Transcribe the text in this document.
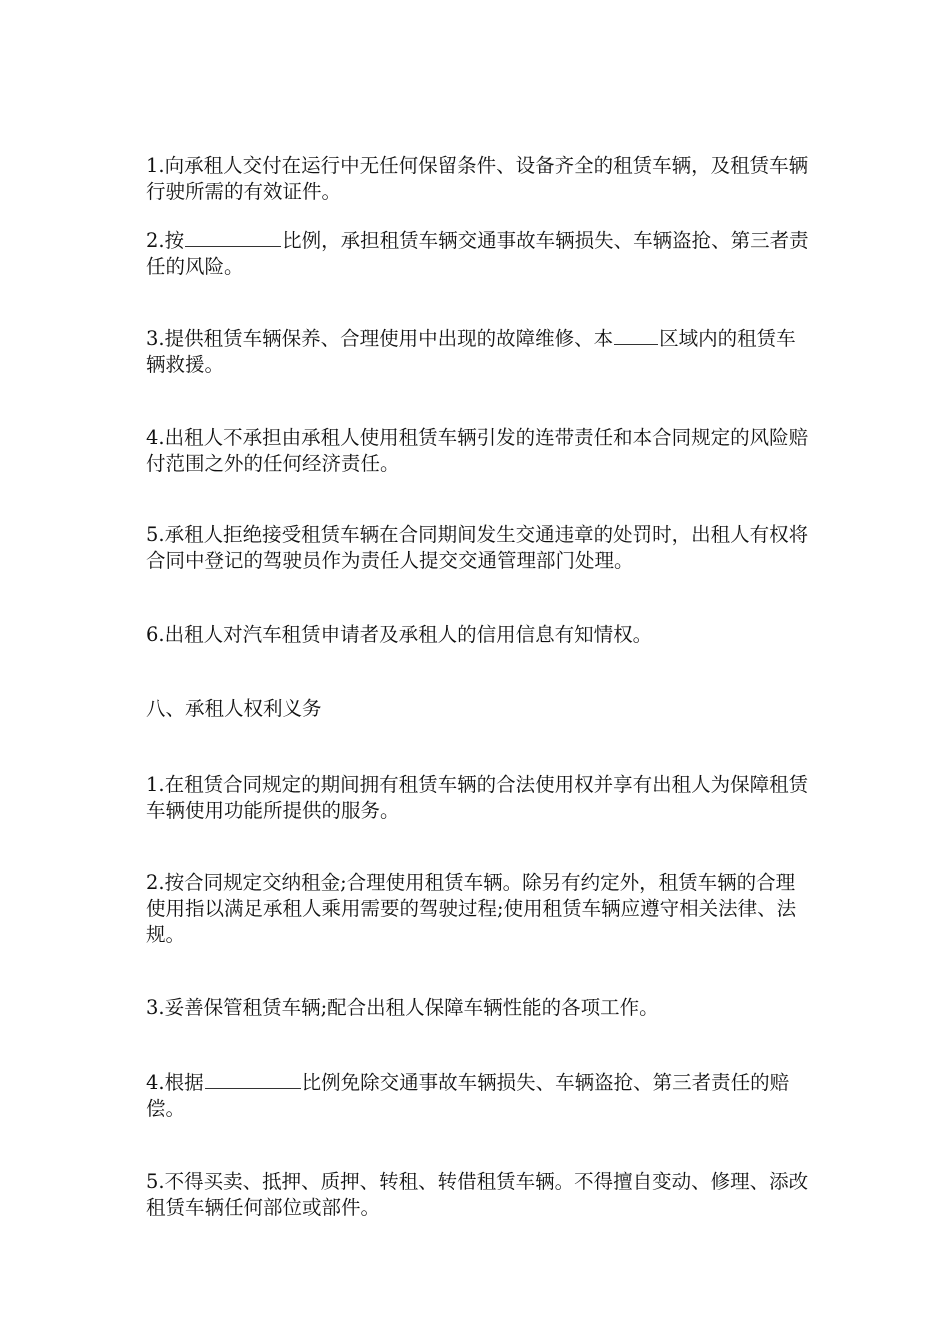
1.向承租人交付在运行中无任何保留条件、设备齐全的租赁车辆，及租赁车辆行驶所需的有效证件。

2.按	比例，承担租赁车辆交通事故车辆损失、车辆盗抢、第三者责任的风险。

3.提供租赁车辆保养、合理使用中出现的故障维修、本 区域内的租赁车辆救援。

4.出租人不承担由承租人使用租赁车辆引发的连带责任和本合同规定的风险赔付范围之外的任何经济责任。

5.承租人拒绝接受租赁车辆在合同期间发生交通违章的处罚时，出租人有权将合同中登记的驾驶员作为责任人提交交通管理部门处理。

6.出租人对汽车租赁申请者及承租人的信用信息有知情权。

八、承租人权利义务

1.在租赁合同规定的期间拥有租赁车辆的合法使用权并享有出租人为保障租赁车辆使用功能所提供的服务。

2.按合同规定交纳租金;合理使用租赁车辆。除另有约定外，租赁车辆的合理使用指以满足承租人乘用需要的驾驶过程;使用租赁车辆应遵守相关法律、法规。

3.妥善保管租赁车辆;配合出租人保障车辆性能的各项工作。

4.根据	比例免除交通事故车辆损失、车辆盗抢、第三者责任的赔偿。

5.不得买卖、抵押、质押、转租、转借租赁车辆。不得擅自变动、修理、添改租赁车辆任何部位或部件。
